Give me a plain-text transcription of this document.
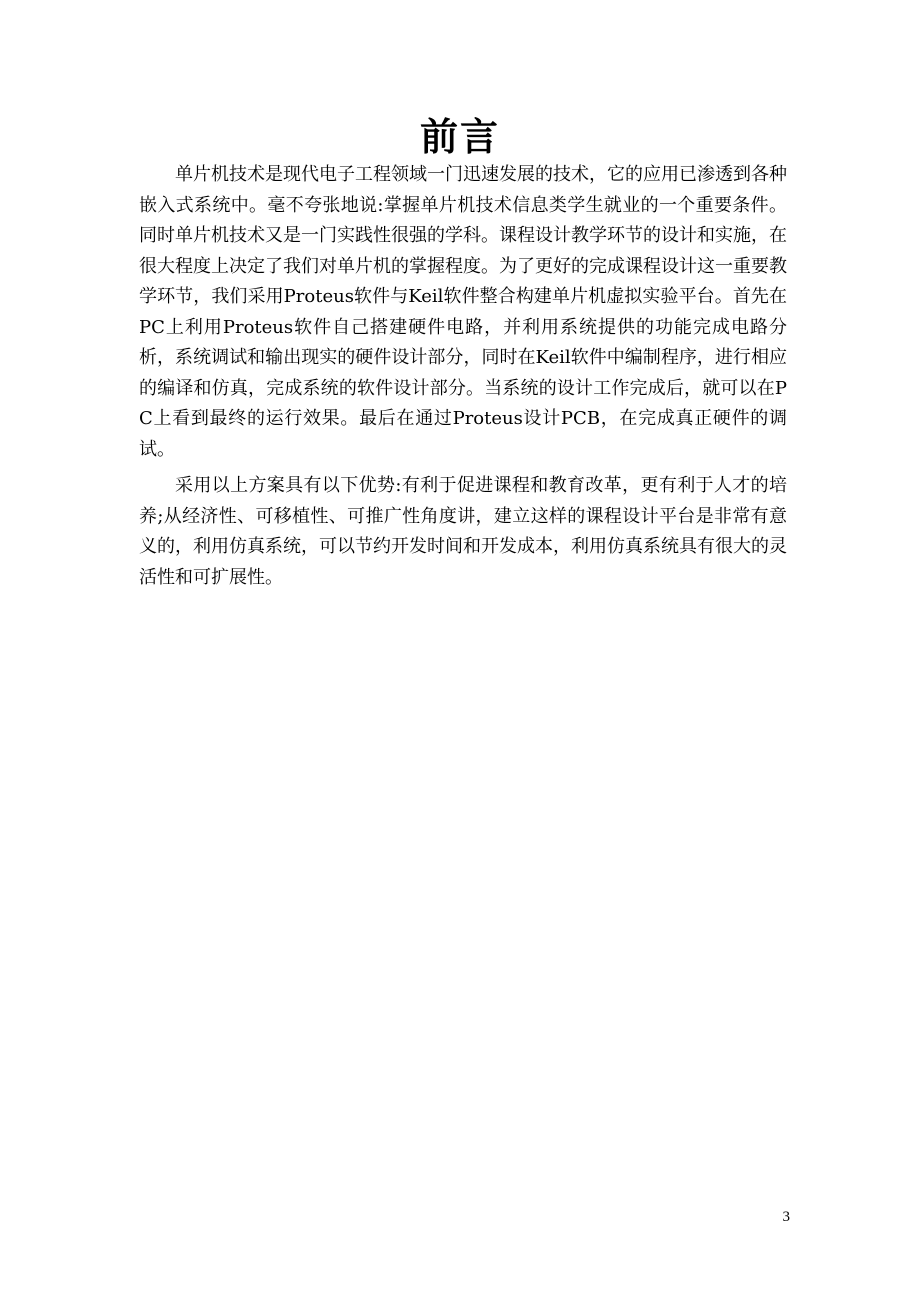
前言

单片机技术是现代电子工程领域一门迅速发展的技术，它的应用已渗透到各种嵌入式系统中。毫不夸张地说:掌握单片机技术信息类学生就业的一个重要条件。同时单片机技术又是一门实践性很强的学科。课程设计教学环节的设计和实施，在很大程度上决定了我们对单片机的掌握程度。为了更好的完成课程设计这一重要教学环节，我们采用Proteus软件与Keil软件整合构建单片机虚拟实验平台。首先在PC上利用Proteus软件自己搭建硬件电路，并利用系统提供的功能完成电路分析，系统调试和输出现实的硬件设计部分，同时在Keil软件中编制程序，进行相应的编译和仿真，完成系统的软件设计部分。当系统的设计工作完成后，就可以在PC上看到最终的运行效果。最后在通过Proteus设计PCB，在完成真正硬件的调试。

采用以上方案具有以下优势:有利于促进课程和教育改革，更有利于人才的培养;从经济性、可移植性、可推广性角度讲，建立这样的课程设计平台是非常有意义的，利用仿真系统，可以节约开发时间和开发成本，利用仿真系统具有很大的灵活性和可扩展性。

3
